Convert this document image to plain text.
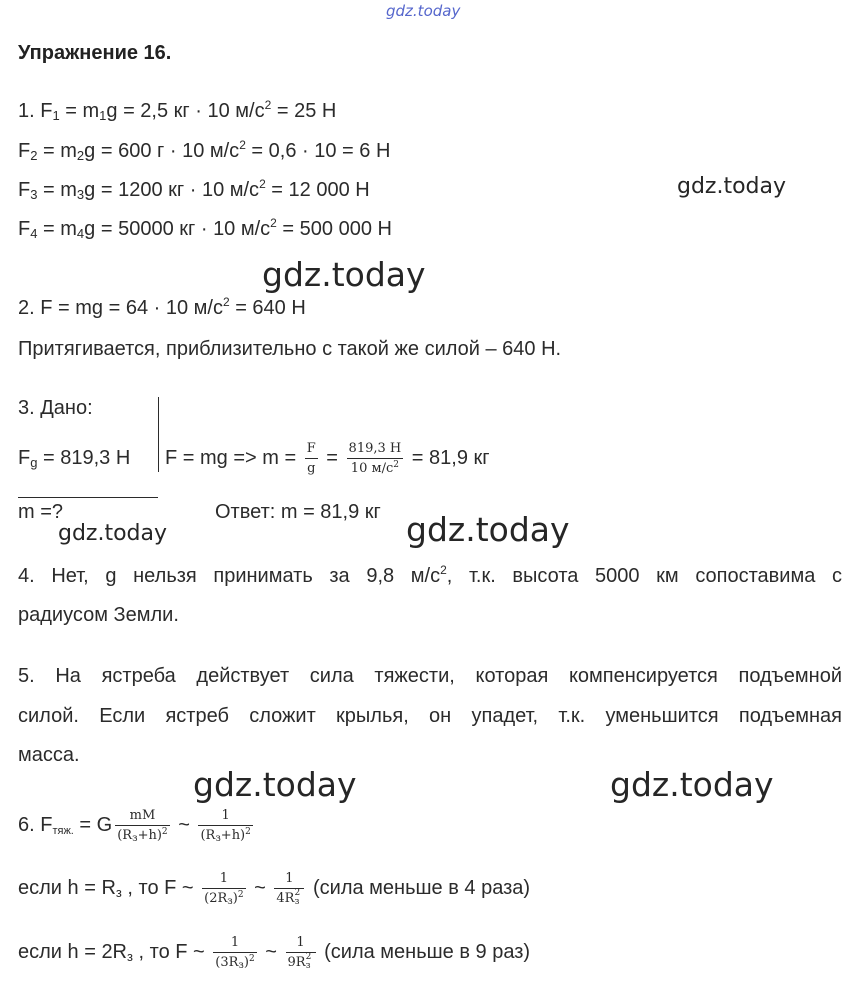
gdz.today
gdz.today
gdz.today
gdz.today	gdz.today
gdz.today	gdz.today
Упражнение 16.
1. $F_1 = m_1g = 2,5$ кг · 10 $м/с^2 = 25$ Н
$F_2 = m_2g = 600$ г · 10 $м/с^2 = 0,6 \cdot 10 = 6$ Н
$F_3 = m_3g = 1200$ кг · 10 $м/с^2 = 12$ 000 Н
$F_4 = m_4g = 50000$ кг · 10 $м/с^2 = 500$ 000 Н
2. F = mg = 64 · 10 $м/с^2 = 640$ Н
Притягивается, приблизительно с такой же силой – 640 Н.
3. Дано:
$F_g = 819,3$ Н F = mg => $m = \frac{F}{g} = \frac{819,3 Н}{10 м/с^2} = 81,9$ кг
m =?	Ответ: m = 81,9 кг
4. Нет, g нельзя принимать за 9,8 $м/с^2$, т.к. высота 5000 км сопоставима с
радиусом Земли.
5. На ястреба действует сила тяжести, которая компенсируется подъемной
силой. Если ястреб сложит крылья, он упадет, т.к. уменьшится подъемная
масса.
6. $F_{тяж.} = G \frac{mM}{(R_з+h)^2}$ ~ $\frac{1}{(R_з+h)^2}$
если $h = R_з$ , то F ~ $\frac{1}{(2R_з)^2}$ ~ 1
4R 2
з (сила меньше в 4 раза)
если $h = 2R_з$ , то F ~ $\frac{1}{(3R_з)^2}$ ~ 1
9R 2
з (сила меньше в 9 раз)
